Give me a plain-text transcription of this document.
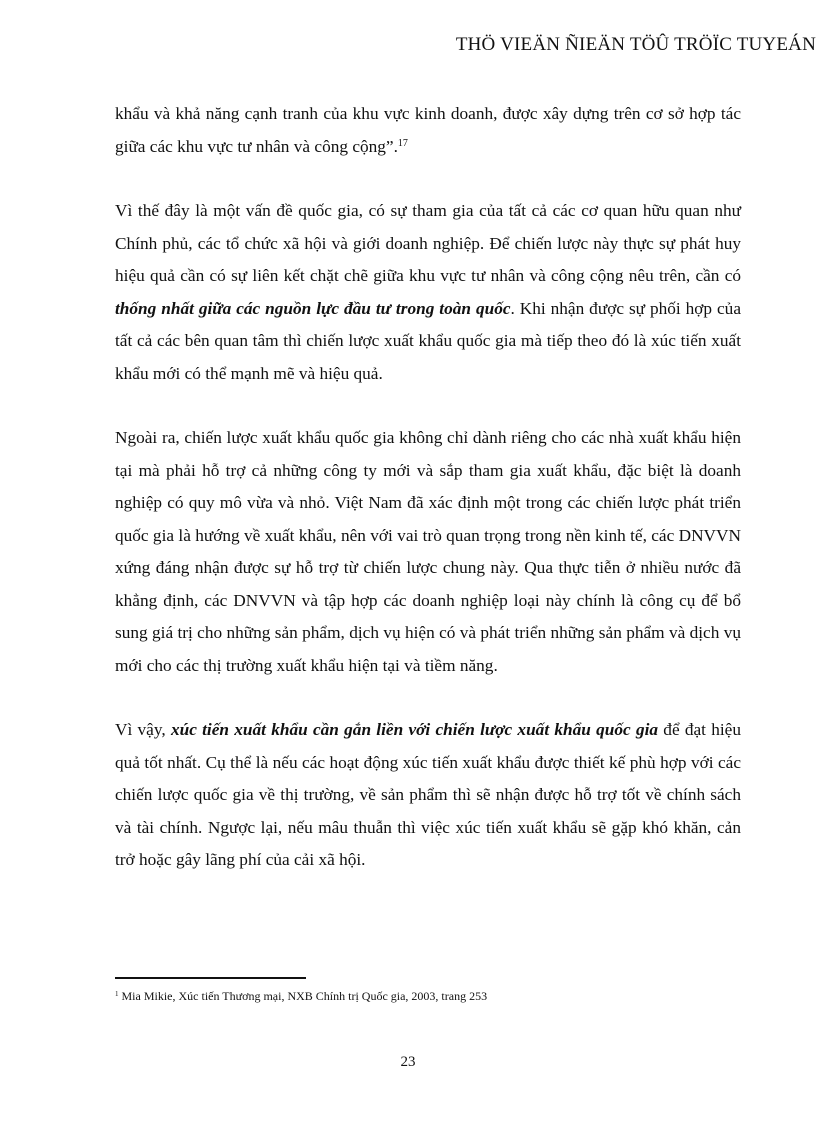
THÖ VIEÄN ÑIEÄN TÖÛ TRÖÏC TUYEÁN

khẩu và khả năng cạnh tranh của khu vực kinh doanh, được xây dựng trên cơ sở hợp tác giữa các khu vực tư nhân và công cộng”.$^{17}$

Vì thế đây là một vấn đề quốc gia, có sự tham gia của tất cả các cơ quan hữu quan như Chính phủ, các tổ chức xã hội và giới doanh nghiệp. Để chiến lược này thực sự phát huy hiệu quả cần có sự liên kết chặt chẽ giữa khu vực tư nhân và công cộng nêu trên, cần có thống nhất giữa các nguồn lực đầu tư trong toàn quốc. Khi nhận được sự phối hợp của tất cả các bên quan tâm thì chiến lược xuất khẩu quốc gia mà tiếp theo đó là xúc tiến xuất khẩu mới có thể mạnh mẽ và hiệu quả.

Ngoài ra, chiến lược xuất khẩu quốc gia không chỉ dành riêng cho các nhà xuất khẩu hiện tại mà phải hỗ trợ cả những công ty mới và sắp tham gia xuất khẩu, đặc biệt là doanh nghiệp có quy mô vừa và nhỏ. Việt Nam đã xác định một trong các chiến lược phát triển quốc gia là hướng về xuất khẩu, nên với vai trò quan trọng trong nền kinh tế, các DNVVN xứng đáng nhận được sự hỗ trợ từ chiến lược chung này. Qua thực tiễn ở nhiều nước đã khẳng định, các DNVVN và tập hợp các doanh nghiệp loại này chính là công cụ để bổ sung giá trị cho những sản phẩm, dịch vụ hiện có và phát triển những sản phẩm và dịch vụ mới cho các thị trường xuất khẩu hiện tại và tiềm năng.

Vì vậy, xúc tiến xuất khẩu cần gắn liền với chiến lược xuất khẩu quốc gia để đạt hiệu quả tốt nhất. Cụ thể là nếu các hoạt động xúc tiến xuất khẩu được thiết kế phù hợp với các chiến lược quốc gia về thị trường, về sản phẩm thì sẽ nhận được hỗ trợ tốt về chính sách và tài chính. Ngược lại, nếu mâu thuẫn thì việc xúc tiến xuất khẩu sẽ gặp khó khăn, cản trở hoặc gây lãng phí của cải xã hội.

$^1$ Mia Mikie, Xúc tiến Thương mại, NXB Chính trị Quốc gia, 2003, trang 253
23
